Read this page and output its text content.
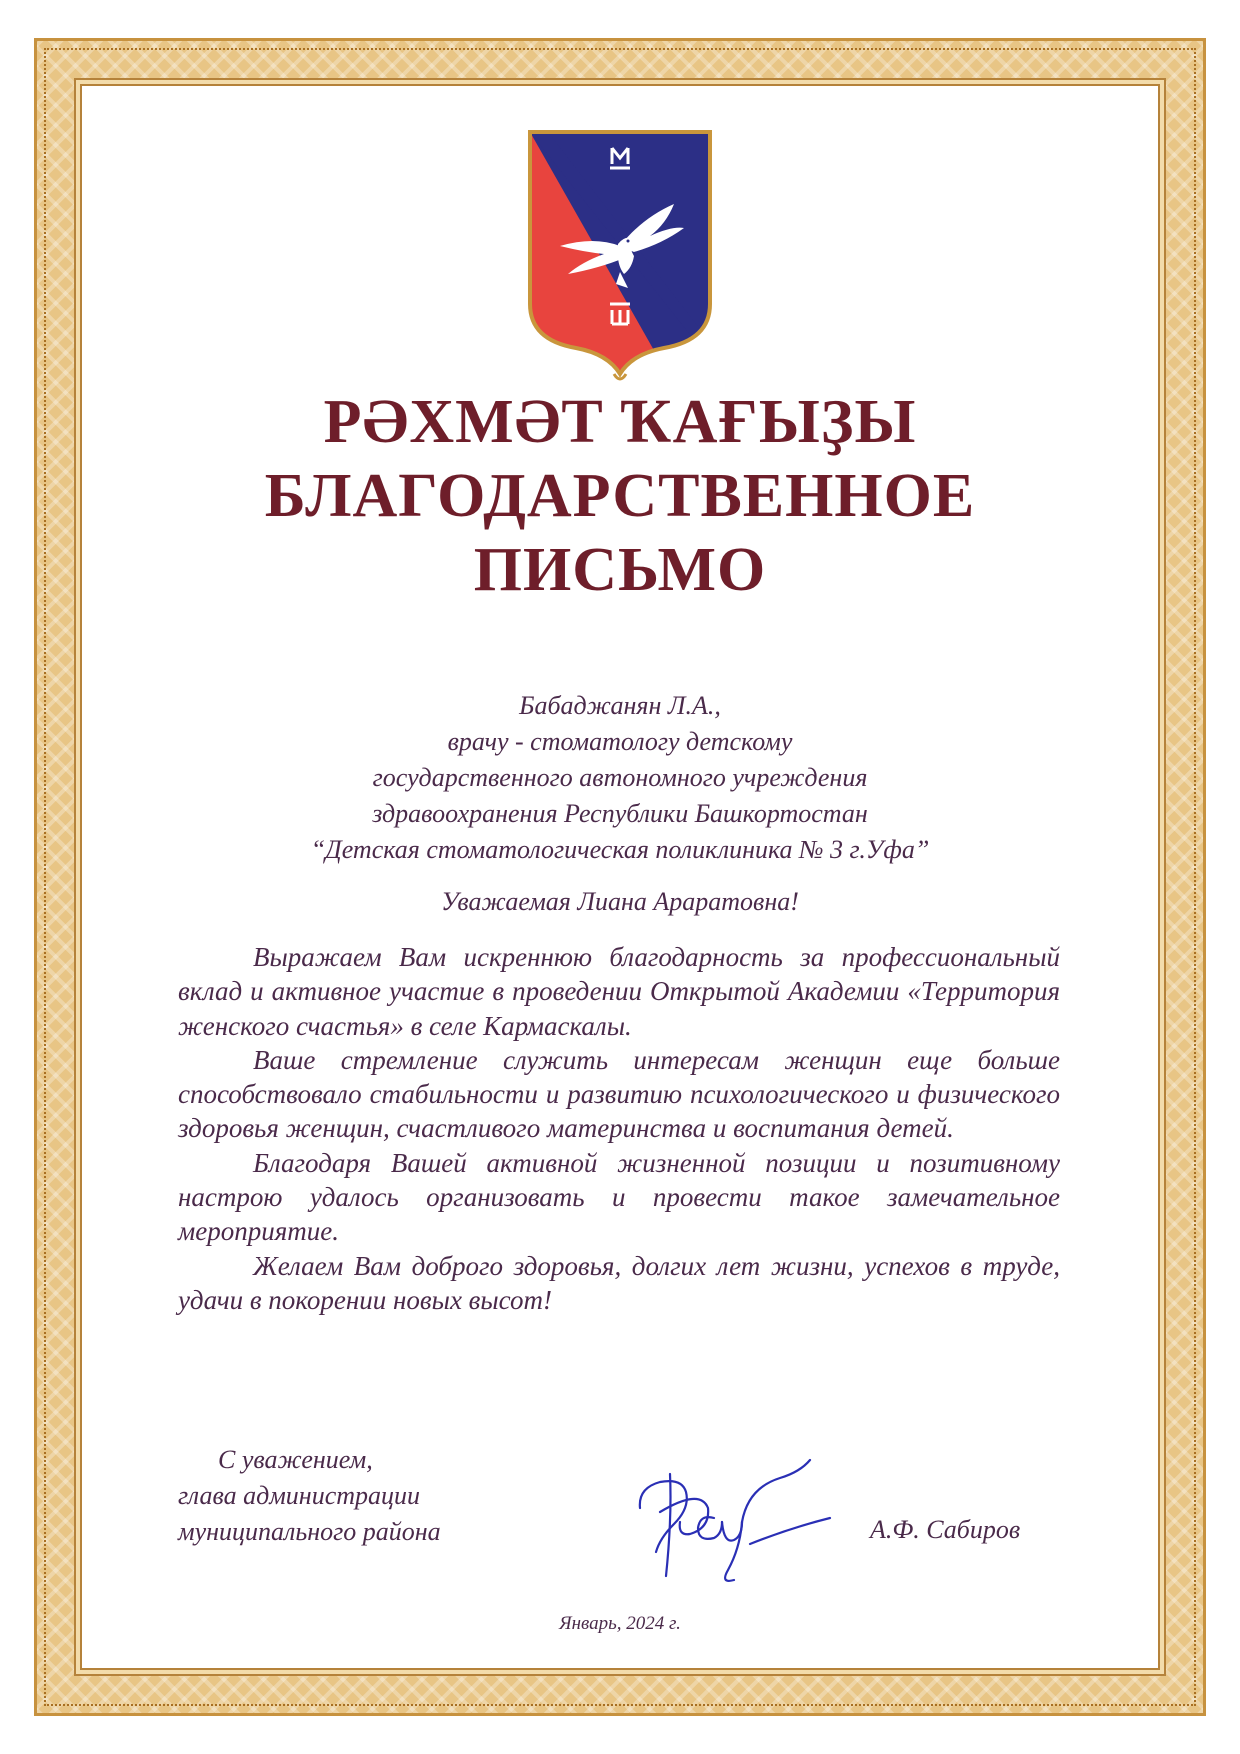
РӘХМӘТ ҠАҒЫҘЫ
БЛАГОДАРСТВЕННОЕ
ПИСЬМО
Бабаджанян Л.А.,
врачу - стоматологу детскому
государственного автономного учреждения
здравоохранения Республики Башкортостан
“Детская стоматологическая поликлиника № 3 г.Уфа”
Уважаемая Лиана Араратовна!

Выражаем Вам искреннюю благодарность за профессиональный вклад и активное участие в проведении Открытой Академии «Территория женского счастья» в селе Кармаскалы.

Ваше стремление служить интересам женщин еще больше способствовало стабильности и развитию психологического и физического здоровья женщин, счастливого материнства и воспитания детей.

Благодаря Вашей активной жизненной позиции и позитивному настрою удалось организовать и провести такое замечательное мероприятие.

Желаем Вам доброго здоровья, долгих лет жизни, успехов в труде, удачи в покорении новых высот!

С уважением,
глава администрации
муниципального района	А.Ф. Сабиров
Январь, 2024 г.
